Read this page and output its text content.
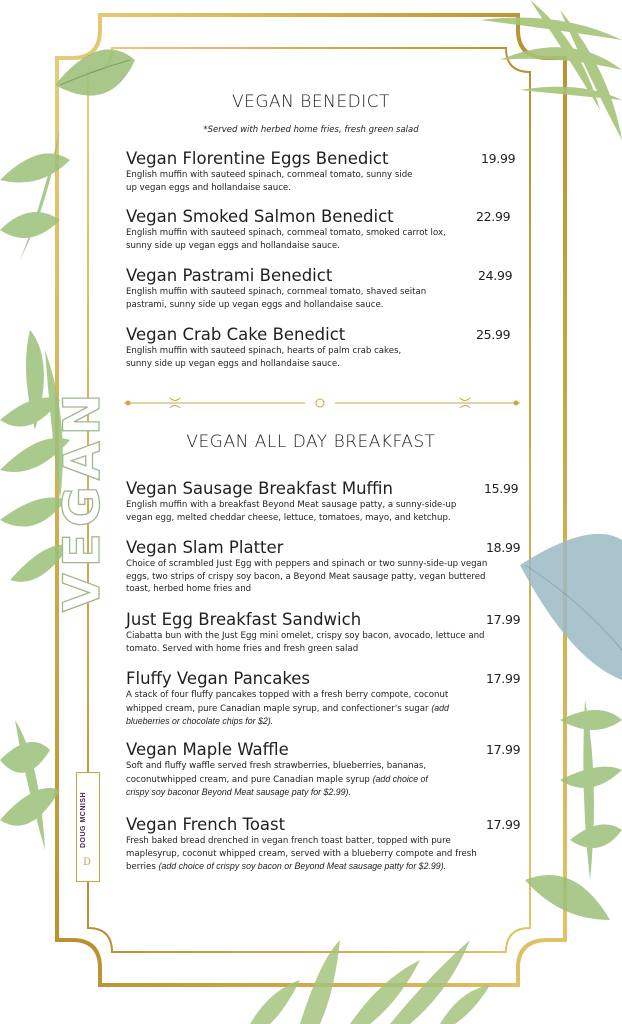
VEGAN
DOUG MCNISH
D
VEGAN BENEDICT
*Served with herbed home fries, fresh green salad
Vegan Florentine Eggs Benedict	19.99
English muffin with sauteed spinach, cornmeal tomato, sunny side up vegan eggs and hollandaise sauce.
Vegan Smoked Salmon Benedict	22.99
English muffin with sauteed spinach, cornmeal tomato, smoked carrot lox, sunny side up vegan eggs and hollandaise sauce.
Vegan Pastrami Benedict	24.99
English muffin with sauteed spinach, cornmeal tomato, shaved seitan pastrami, sunny side up vegan eggs and hollandaise sauce.
Vegan Crab Cake Benedict	25.99
English muffin with sauteed spinach, hearts of palm crab cakes, sunny side up vegan eggs and hollandaise sauce.
VEGAN ALL DAY BREAKFAST
Vegan Sausage Breakfast Muffin	15.99
English muffin with a breakfast Beyond Meat sausage patty, a sunny-side-up vegan egg, melted cheddar cheese, lettuce, tomatoes, mayo, and ketchup.
Vegan Slam Platter	18.99
Choice of scrambled Just Egg with peppers and spinach or two sunny-side-up vegan eggs, two strips of crispy soy bacon, a Beyond Meat sausage patty, vegan buttered toast, herbed home fries and
Just Egg Breakfast Sandwich	17.99
Ciabatta bun with the Just Egg mini omelet, crispy soy bacon, avocado, lettuce and tomato. Served with home fries and fresh green salad
Fluffy Vegan Pancakes	17.99
A stack of four fluffy pancakes topped with a fresh berry compote, coconut whipped cream, pure Canadian maple syrup, and confectioner's sugar (add blueberries or chocolate chips for $2).
Vegan Maple Waffle	17.99
Soft and fluffy waffle served fresh strawberries, blueberries, bananas, coconutwhipped cream, and pure Canadian maple syrup (add choice of crispy soy baconor Beyond Meat sausage paty for $2.99).
Vegan French Toast	17.99
Fresh baked bread drenched in vegan french toast batter, topped with pure maplesyrup, coconut whipped cream, served with a blueberry compote and fresh berries (add choice of crispy soy bacon or Beyond Meat sausage patty for $2.99).
